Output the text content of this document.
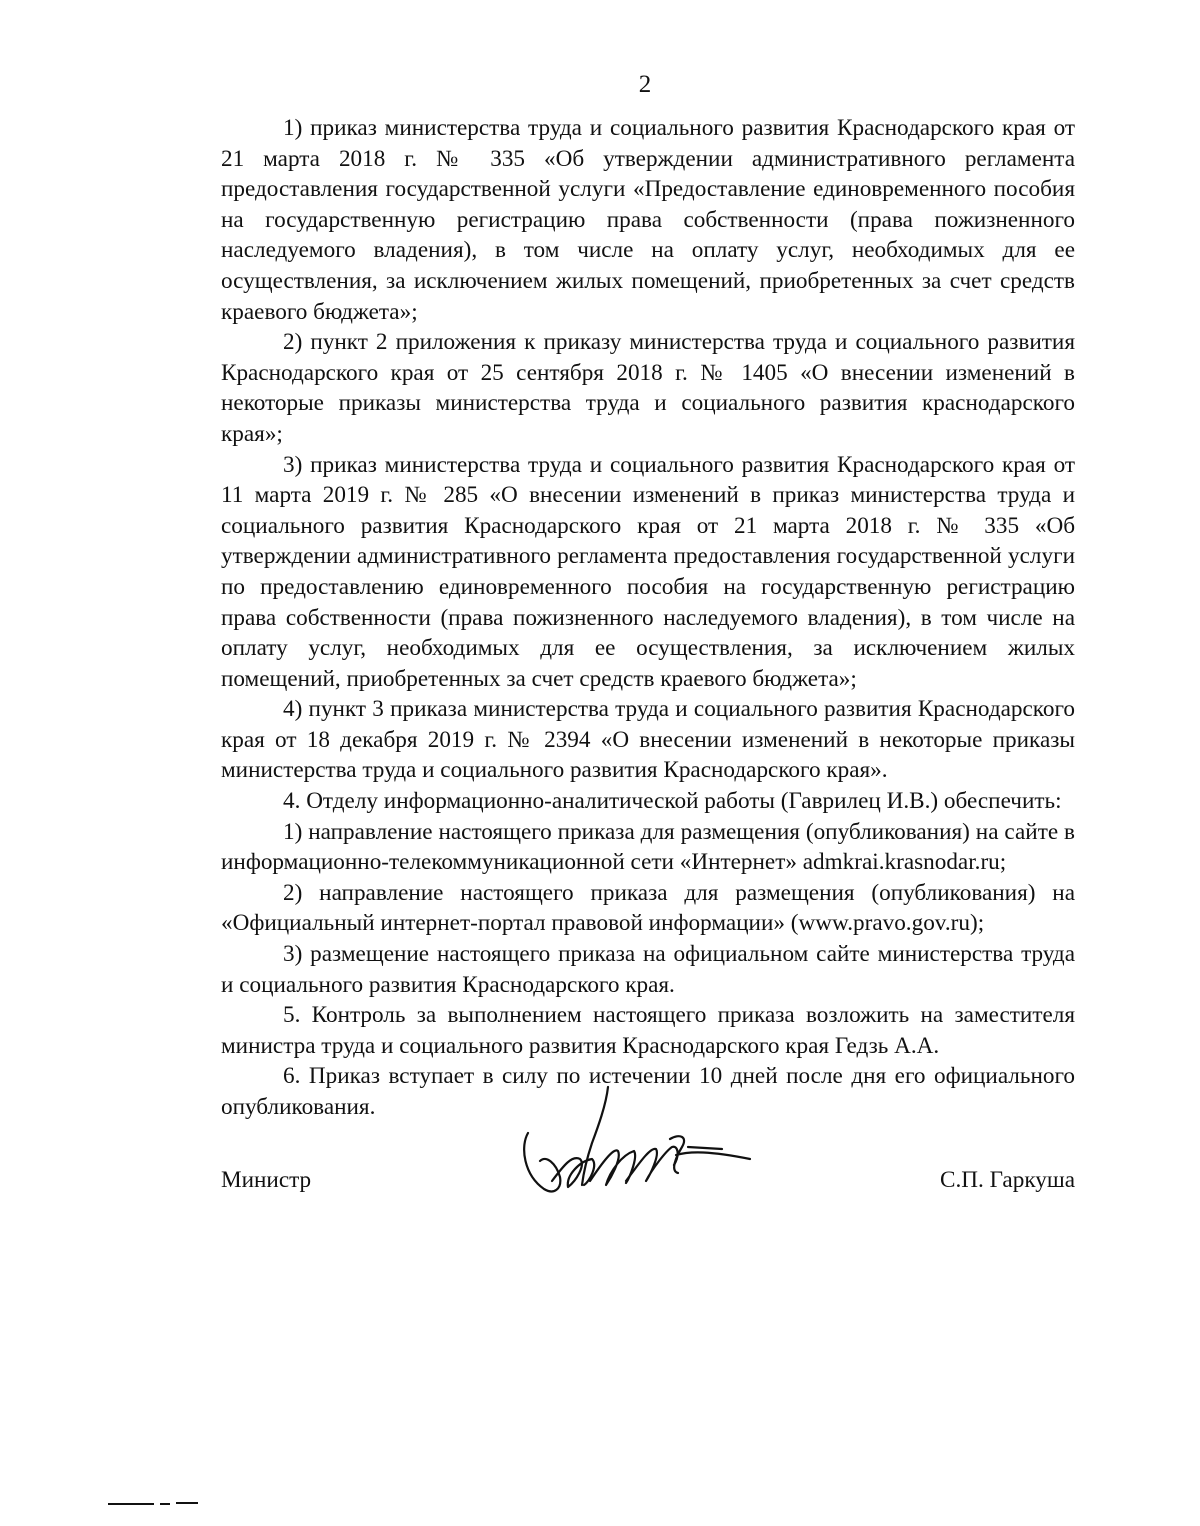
2

1) приказ министерства труда и социального развития Краснодарского края от 21 марта 2018 г. № 335 «Об утверждении административного регламента предоставления государственной услуги «Предоставление единовременного пособия на государственную регистрацию права собственности (права пожизненного наследуемого владения), в том числе на оплату услуг, необходимых для ее осуществления, за исключением жилых помещений, приобретенных за счет средств краевого бюджета»;

2) пункт 2 приложения к приказу министерства труда и социального развития Краснодарского края от 25 сентября 2018 г. № 1405 «О внесении изменений в некоторые приказы министерства труда и социального развития краснодарского края»;

3) приказ министерства труда и социального развития Краснодарского края от 11 марта 2019 г. № 285 «О внесении изменений в приказ министерства труда и социального развития Краснодарского края от 21 марта 2018 г. № 335 «Об утверждении административного регламента предоставления государственной услуги по предоставлению единовременного пособия на государственную регистрацию права собственности (права пожизненного наследуемого владения), в том числе на оплату услуг, необходимых для ее осуществления, за исключением жилых помещений, приобретенных за счет средств краевого бюджета»;

4) пункт 3 приказа министерства труда и социального развития Краснодарского края от 18 декабря 2019 г. № 2394 «О внесении изменений в некоторые приказы министерства труда и социального развития Краснодарского края».

4. Отделу информационно-аналитической работы (Гаврилец И.В.) обеспечить:

1) направление настоящего приказа для размещения (опубликования) на сайте в информационно-телекоммуникационной сети «Интернет» admkrai.krasnodar.ru;

2) направление настоящего приказа для размещения (опубликования) на «Официальный интернет-портал правовой информации» (www.pravo.gov.ru);

3) размещение настоящего приказа на официальном сайте министерства труда и социального развития Краснодарского края.

5. Контроль за выполнением настоящего приказа возложить на заместителя министра труда и социального развития Краснодарского края Гедзь А.А.

6. Приказ вступает в силу по истечении 10 дней после дня его официального опубликования.

Министр	С.П. Гаркуша
